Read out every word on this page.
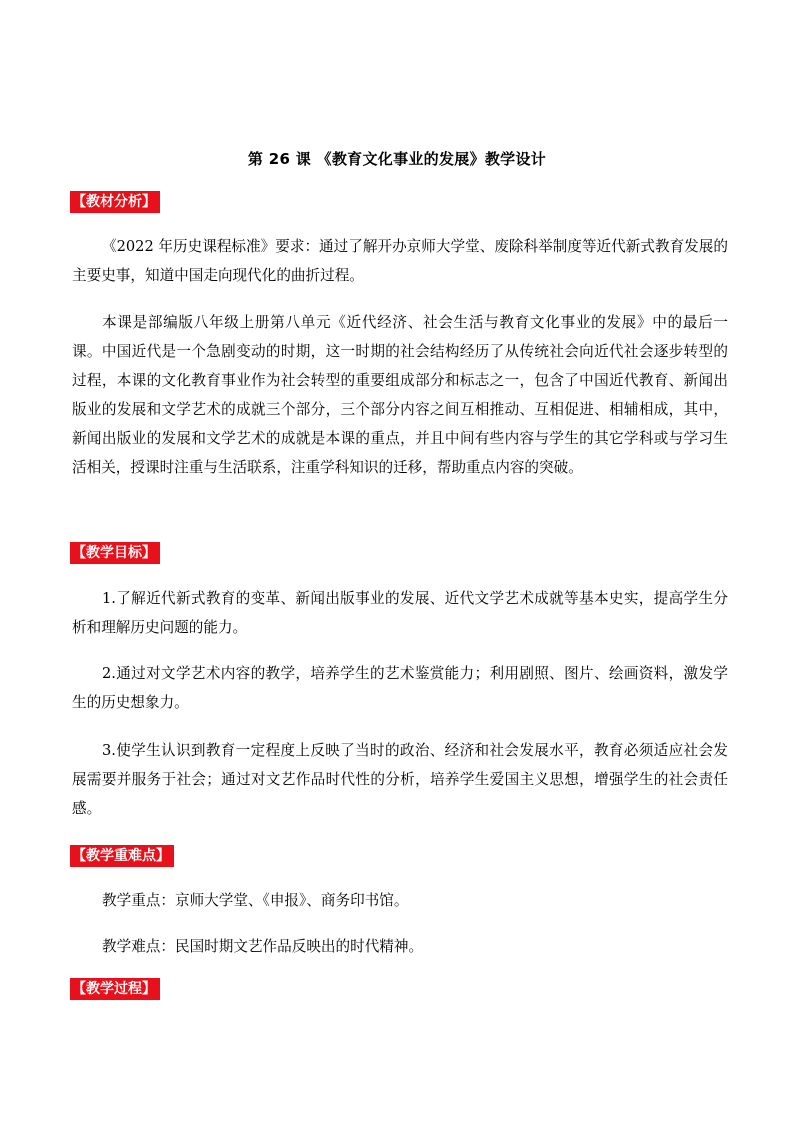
第 26 课 《教育文化事业的发展》教学设计
【教材分析】

《2022 年历史课程标准》要求：通过了解开办京师大学堂、废除科举制度等近代新式教育发展的主要史事，知道中国走向现代化的曲折过程。

本课是部编版八年级上册第八单元《近代经济、社会生活与教育文化事业的发展》中的最后一课。中国近代是一个急剧变动的时期，这一时期的社会结构经历了从传统社会向近代社会逐步转型的过程，本课的文化教育事业作为社会转型的重要组成部分和标志之一，包含了中国近代教育、新闻出版业的发展和文学艺术的成就三个部分，三个部分内容之间互相推动、互相促进、相辅相成，其中，新闻出版业的发展和文学艺术的成就是本课的重点，并且中间有些内容与学生的其它学科或与学习生活相关，授课时注重与生活联系，注重学科知识的迁移，帮助重点内容的突破。

【教学目标】

1.了解近代新式教育的变革、新闻出版事业的发展、近代文学艺术成就等基本史实，提高学生分析和理解历史问题的能力。

2.通过对文学艺术内容的教学，培养学生的艺术鉴赏能力；利用剧照、图片、绘画资料，激发学生的历史想象力。

3.使学生认识到教育一定程度上反映了当时的政治、经济和社会发展水平，教育必须适应社会发展需要并服务于社会；通过对文艺作品时代性的分析，培养学生爱国主义思想，增强学生的社会责任感。

【教学重难点】

教学重点：京师大学堂、《申报》、商务印书馆。

教学难点：民国时期文艺作品反映出的时代精神。

【教学过程】
